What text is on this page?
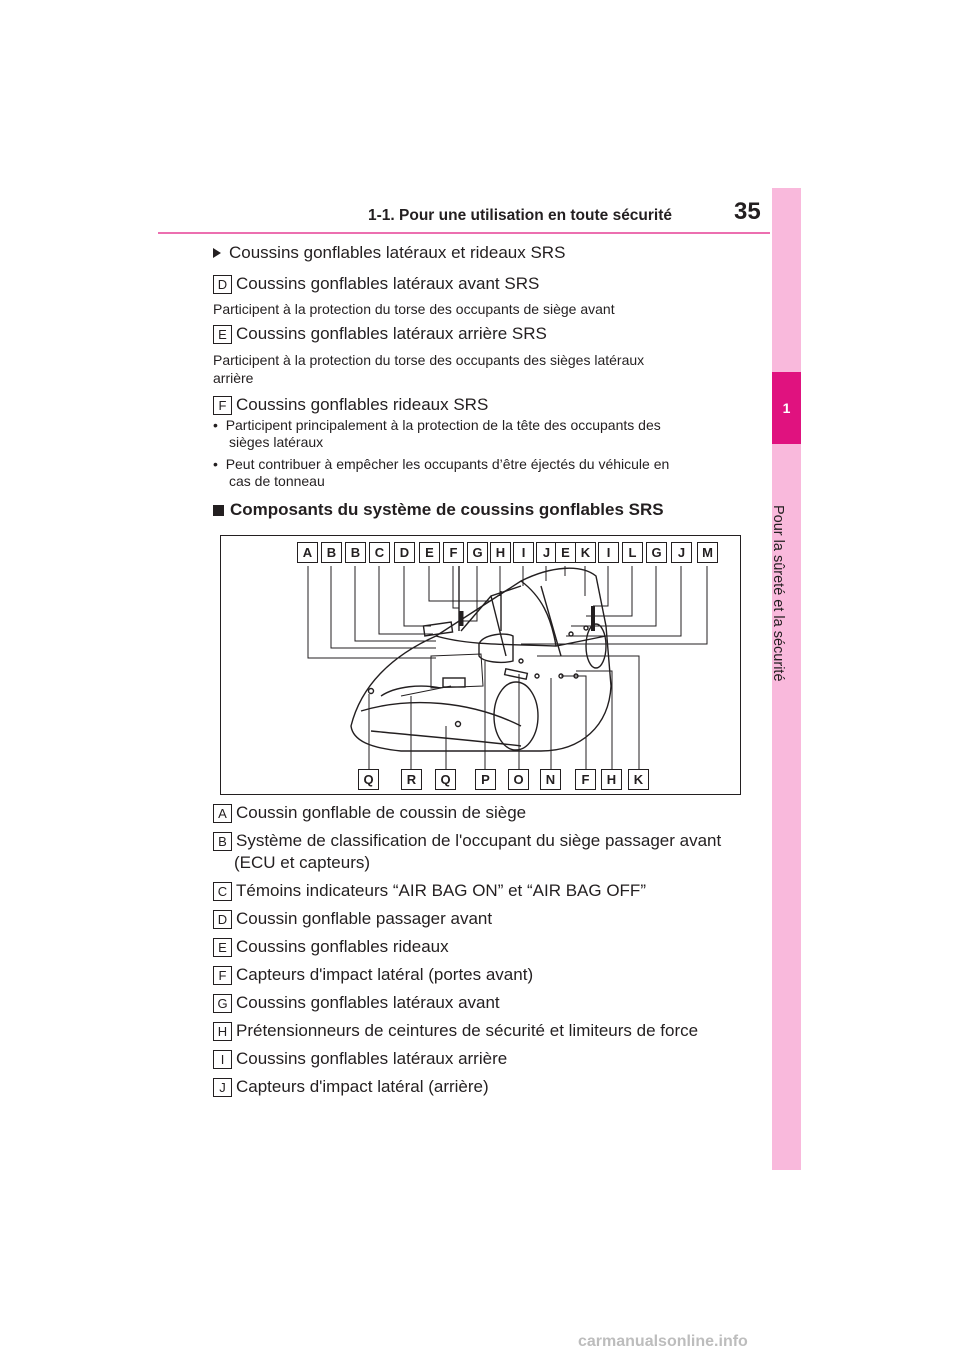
1-1. Pour une utilisation en toute sécurité	35
1
Pour la sûreté et la sécurité
Coussins gonflables latéraux et rideaux SRS
D Coussins gonflables latéraux avant SRS
Participent à la protection du torse des occupants de siège avant
E Coussins gonflables latéraux arrière SRS
Participent à la protection du torse des occupants des sièges latéraux
arrière
F Coussins gonflables rideaux SRS
•  Participent principalement à la protection de la tête des occupants des
sièges latéraux
•  Peut contribuer à empêcher les occupants d’être éjectés du véhicule en
cas de tonneau
Composants du système de coussins gonflables SRS
A	B	B	C	D	E	F	G	H	I	J E K	I	L	G	J	M
Q	R	Q	P	O	N	F	H	K
A Coussin gonflable de coussin de siège
B Système de classification de l'occupant du siège passager avant
(ECU et capteurs)
C Témoins indicateurs “AIR BAG ON” et “AIR BAG OFF”
D Coussin gonflable passager avant
E Coussins gonflables rideaux
F Capteurs d'impact latéral (portes avant)
G Coussins gonflables latéraux avant
H Prétensionneurs de ceintures de sécurité et limiteurs de force
I Coussins gonflables latéraux arrière
J Capteurs d'impact latéral (arrière)
carmanualsonline.info
